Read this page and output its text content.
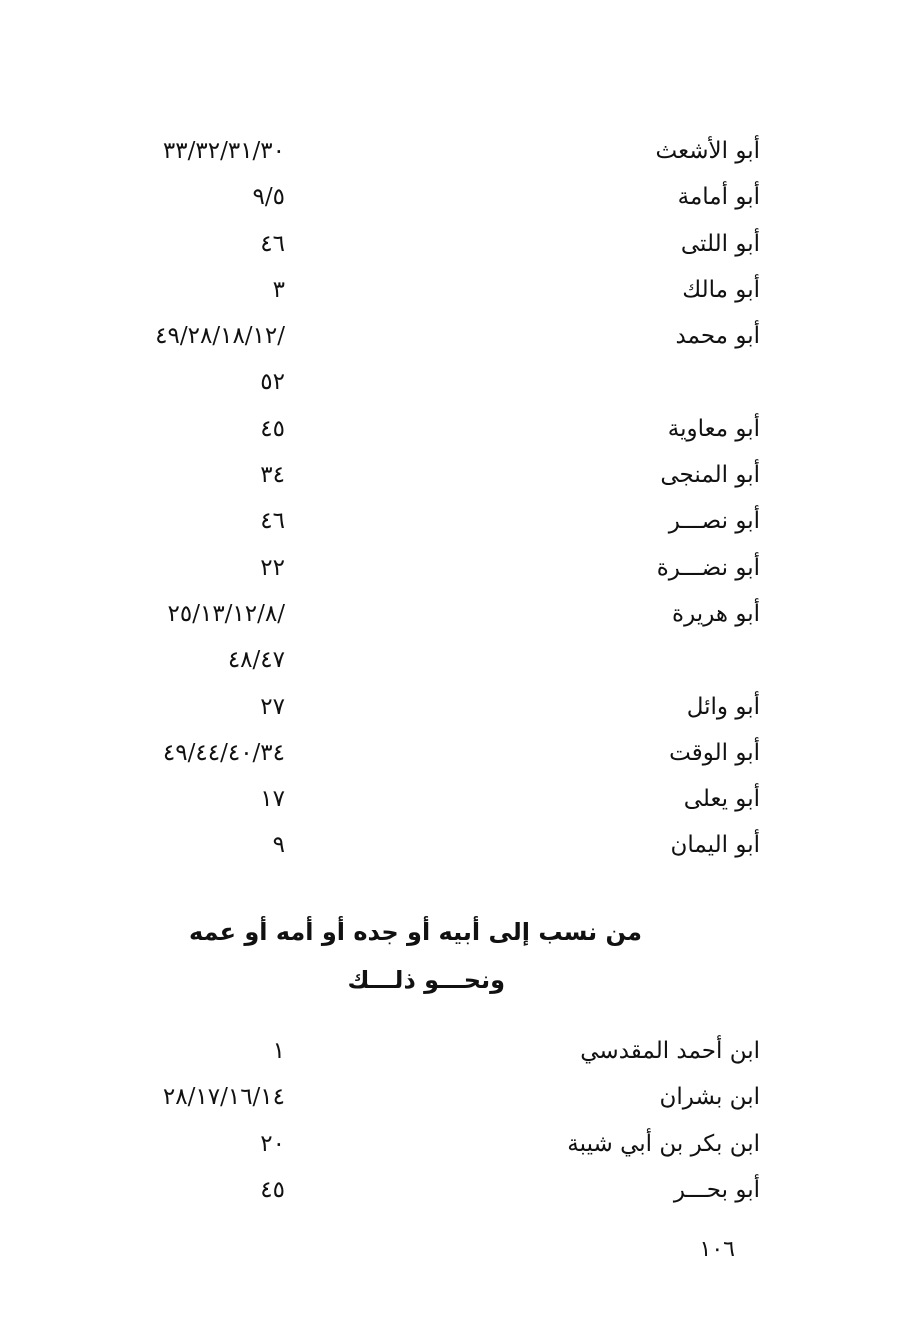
أبو الأشعث
٣٣/٣٢/٣١/٣٠
أبو أمامة
٩/٥
أبو اللتى
٤٦
أبو مالك
٣
أبو محمد
/٤٩/٢٨/١٨/١٢
٥٢
أبو معاوية
٤٥
أبو المنجى
٣٤
أبو نصـــر
٤٦
أبو نضـــرة
٢٢
أبو هريرة
/٢٥/١٣/١٢/٨
٤٨/٤٧
أبو وائل
٢٧
أبو الوقت
٤٩/٤٤/٤٠/٣٤
أبو يعلى
١٧
أبو اليمان
٩
من نسب إلى أبيه أو جده أو أمه أو عمه
ونحـــو ذلـــك
ابن أحمد المقدسي
١
ابن بشران
٢٨/١٧/١٦/١٤
ابن بكر بن أبي شيبة
٢٠
أبو بحـــر
٤٥
١٠٦
